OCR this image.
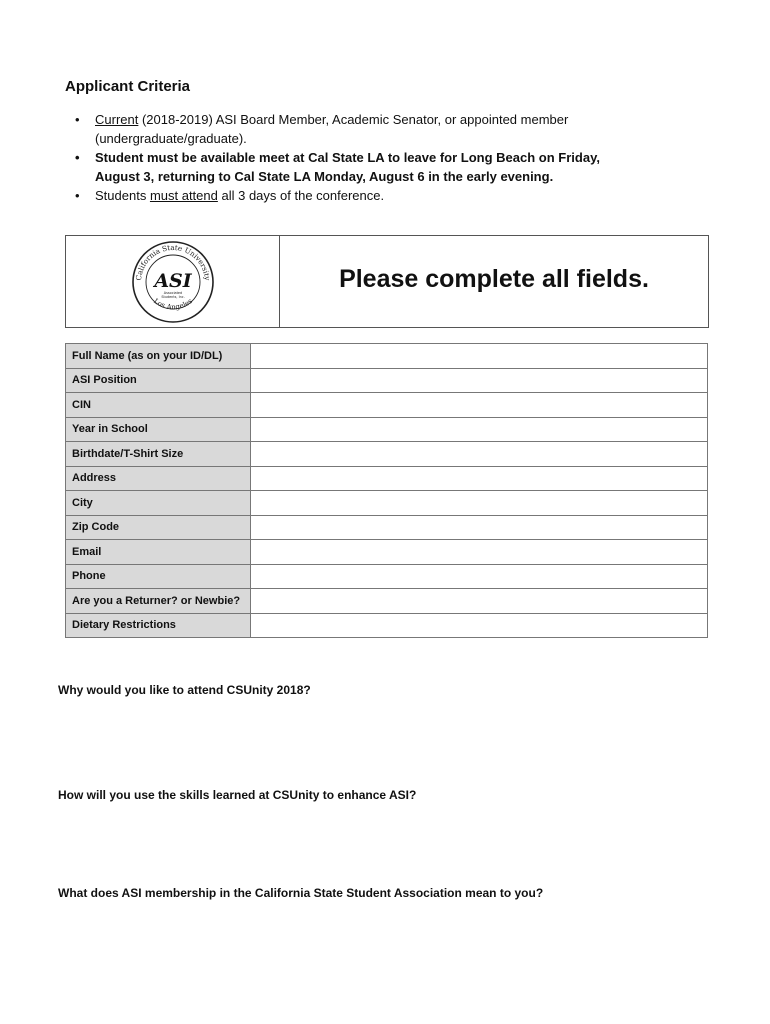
Applicant Criteria
• Current (2018-2019) ASI Board Member, Academic Senator, or appointed member (undergraduate/graduate).
• Student must be available meet at Cal State LA to leave for Long Beach on Friday,
August 3, returning to Cal State LA Monday, August 6 in the early evening.
• Students must attend all 3 days of the conference.
California State University
Los Angeles
ASI
Associated
Students, Inc.
Please complete all fields.
Full Name (as on your ID/DL)	
ASI Position	
CIN	
Year in School	
Birthdate/T-Shirt Size	
Address	
City	
Zip Code	
Email	
Phone	
Are you a Returner? or Newbie?	
Dietary Restrictions	
Why would you like to attend CSUnity 2018?
How will you use the skills learned at CSUnity to enhance ASI?
What does ASI membership in the California State Student Association mean to you?
